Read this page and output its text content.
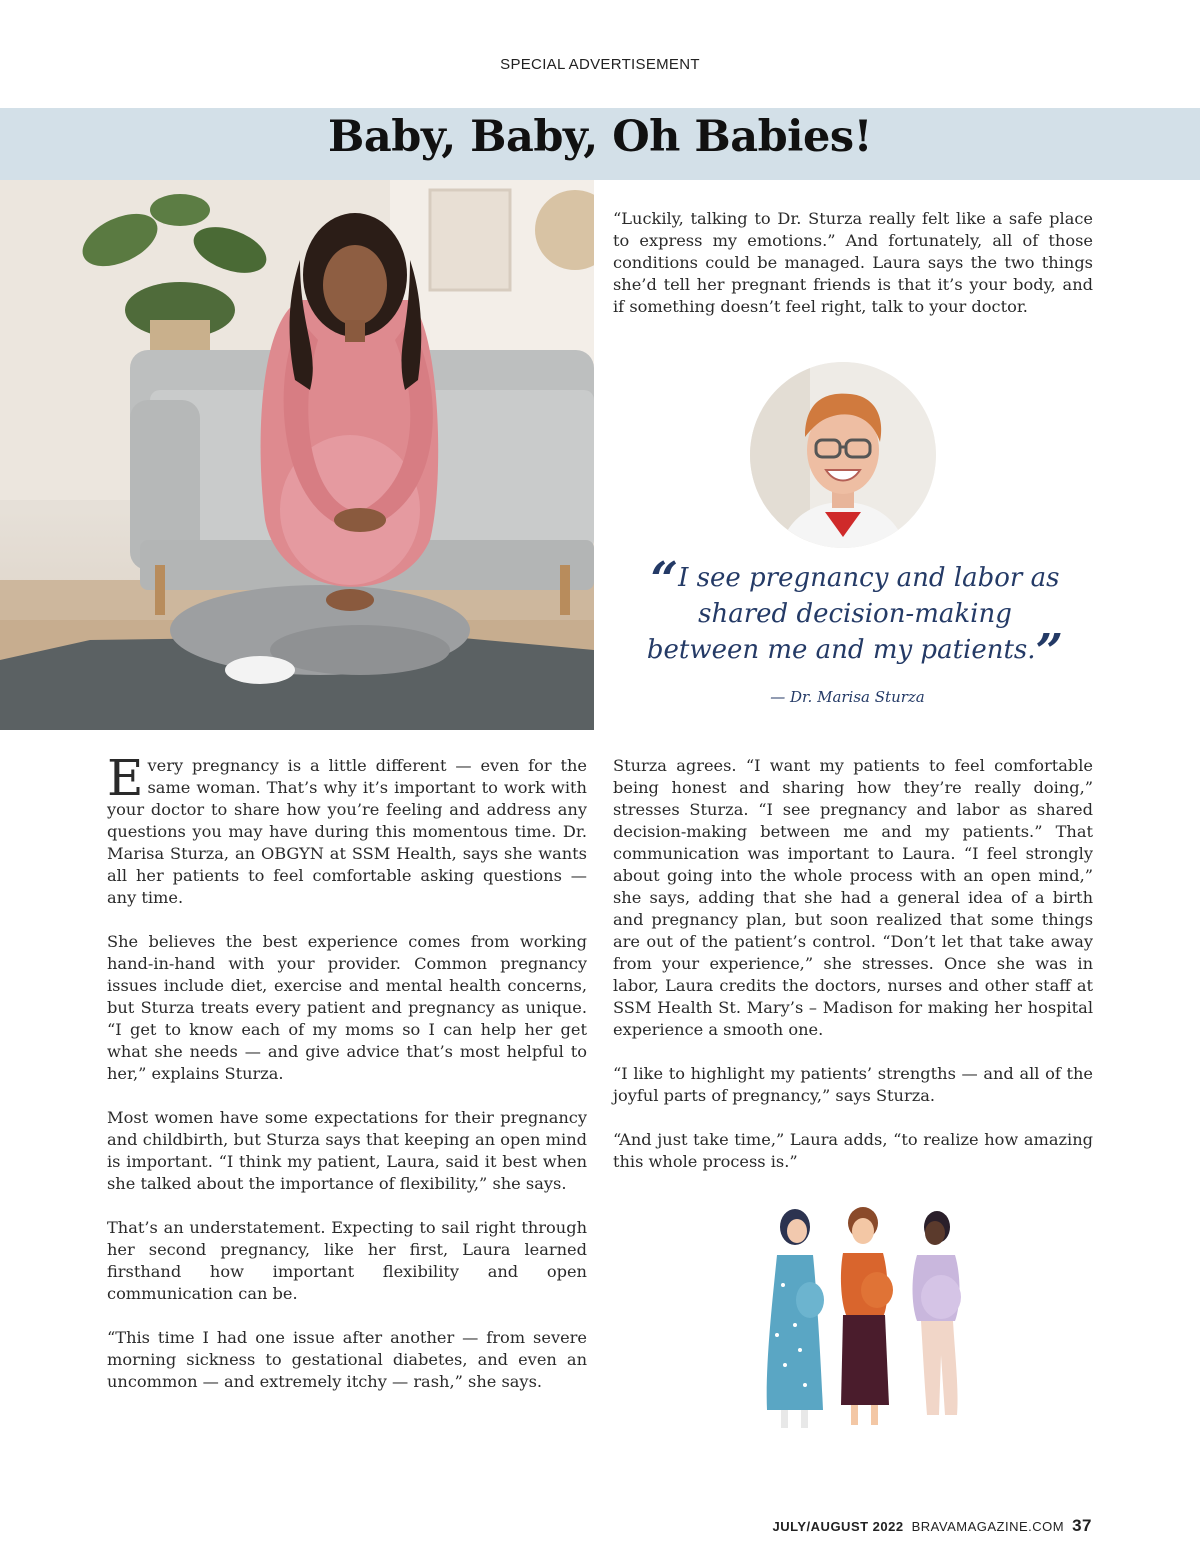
SPECIAL ADVERTISEMENT
Baby, Baby, Oh Babies!
“Luckily, talking to Dr. Sturza really felt like a safe place to express my emotions.” And fortunately, all of those conditions could be managed. Laura says the two things she’d tell her pregnant friends is that it’s your body, and if something doesn’t feel right, talk to your doctor.
“I see pregnancy and labor as shared decision-making between me and my patients.”
— Dr. Marisa Sturza

Every pregnancy is a little different — even for the same woman. That’s why it’s important to work with your doctor to share how you’re feeling and address any questions you may have during this momentous time. Dr. Marisa Sturza, an OBGYN at SSM Health, says she wants all her patients to feel comfortable asking questions — any time.

She believes the best experience comes from working hand-in-hand with your provider. Common pregnancy issues include diet, exercise and mental health concerns, but Sturza treats every patient and pregnancy as unique. “I get to know each of my moms so I can help her get what she needs — and give advice that’s most helpful to her,” explains Sturza.

Most women have some expectations for their pregnancy and childbirth, but Sturza says that keeping an open mind is important. “I think my patient, Laura, said it best when she talked about the importance of flexibility,” she says.

That’s an understatement. Expecting to sail right through her second pregnancy, like her first, Laura learned firsthand how important flexibility and open communication can be.

“This time I had one issue after another — from severe morning sickness to gestational diabetes, and even an uncommon — and extremely itchy — rash,” she says.

Sturza agrees. “I want my patients to feel comfortable being honest and sharing how they’re really doing,” stresses Sturza. “I see pregnancy and labor as shared decision-making between me and my patients.” That communication was important to Laura. “I feel strongly about going into the whole process with an open mind,” she says, adding that she had a general idea of a birth and pregnancy plan, but soon realized that some things are out of the patient’s control. “Don’t let that take away from your experience,” she stresses. Once she was in labor, Laura credits the doctors, nurses and other staff at SSM Health St. Mary’s – Madison for making her hospital experience a smooth one.

“I like to highlight my patients’ strengths — and all of the joyful parts of pregnancy,” says Sturza.

“And just take time,” Laura adds, “to realize how amazing this whole process is.”

JULY/AUGUST 2022 BRAVAMAGAZINE.COM 37
